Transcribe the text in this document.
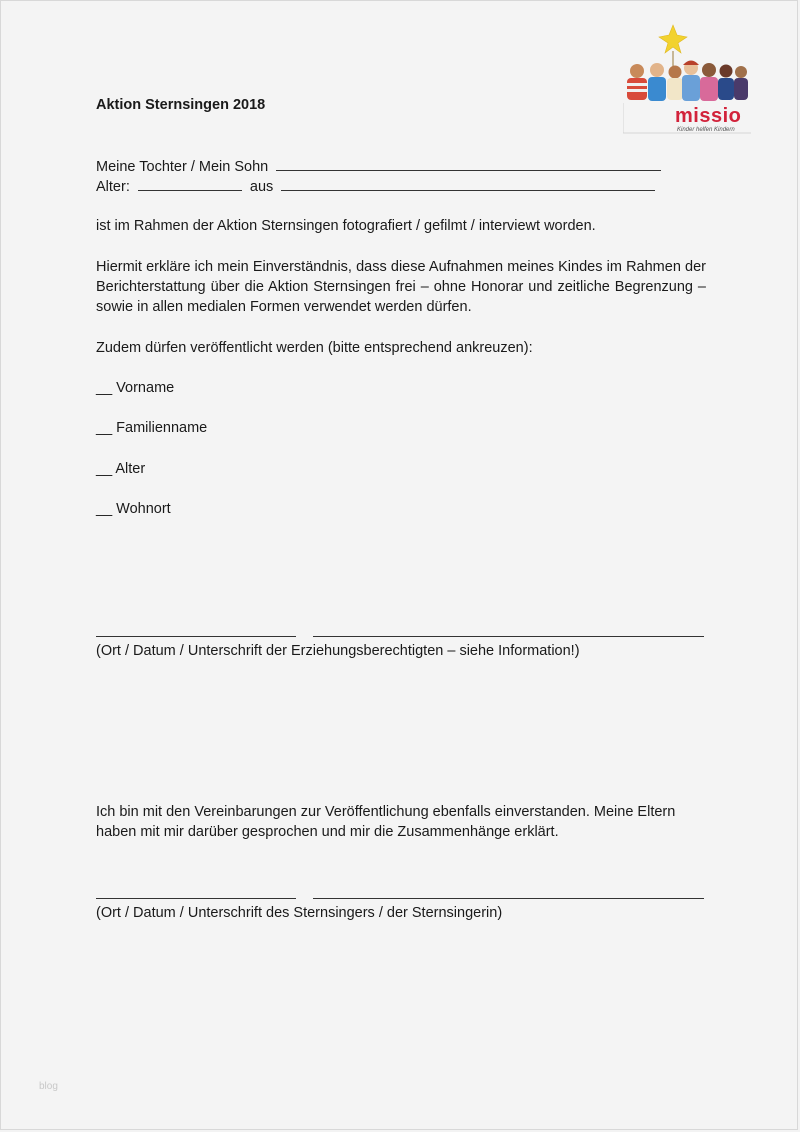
Aktion Sternsingen 2018
Meine Tochter / Mein Sohn
Alter:	aus
ist im Rahmen der Aktion Sternsingen fotografiert / gefilmt / interviewt worden.
Hiermit erkläre ich mein Einverständnis, dass diese Aufnahmen meines Kindes im Rahmen der
Berichterstattung über die Aktion Sternsingen frei – ohne Honorar und zeitliche Begrenzung –
sowie in allen medialen Formen verwendet werden dürfen.
Zudem dürfen veröffentlicht werden (bitte entsprechend ankreuzen):
__ Vorname
__ Familienname
__ Alter
__ Wohnort
(Ort / Datum / Unterschrift der Erziehungsberechtigten – siehe Information!)
Ich bin mit den Vereinbarungen zur Veröffentlichung ebenfalls einverstanden. Meine Eltern
haben mit mir darüber gesprochen und mir die Zusammenhänge erklärt.
(Ort / Datum / Unterschrift des Sternsingers / der Sternsingerin)
missio
Kinder helfen Kindern
blog
